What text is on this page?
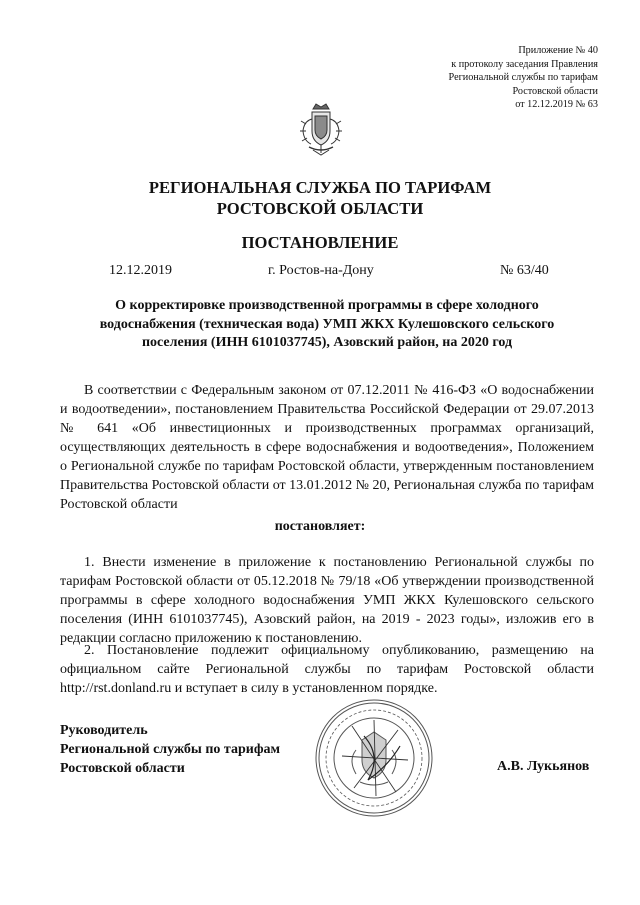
Приложение № 40
к протоколу заседания Правления
Региональной службы по тарифам
Ростовской области
от 12.12.2019 № 63
РЕГИОНАЛЬНАЯ СЛУЖБА ПО ТАРИФАМ
РОСТОВСКОЙ ОБЛАСТИ
ПОСТАНОВЛЕНИЕ
12.12.2019	г. Ростов-на-Дону	№ 63/40
О корректировке производственной программы в сфере холодного
водоснабжения (техническая вода) УМП ЖКХ Кулешовского сельского
поселения (ИНН 6101037745), Азовский район, на 2020 год
В соответствии с Федеральным законом от 07.12.2011 № 416-ФЗ «О водоснабжении и водоотведении», постановлением Правительства Российской Федерации от 29.07.2013 № 641 «Об инвестиционных и производственных программах организаций, осуществляющих деятельность в сфере водоснабжения и водоотведения», Положением о Региональной службе по тарифам Ростовской области, утвержденным постановлением Правительства Ростовской области от 13.01.2012 № 20, Региональная служба по тарифам Ростовской области
постановляет:
1. Внести изменение в приложение к постановлению Региональной службы по тарифам Ростовской области от 05.12.2018 № 79/18 «Об утверждении производственной программы в сфере холодного водоснабжения УМП ЖКХ Кулешовского сельского поселения (ИНН 6101037745), Азовский район, на 2019 - 2023 годы», изложив его в редакции согласно приложению к постановлению.
2. Постановление подлежит официальному опубликованию, размещению на официальном сайте Региональной службы по тарифам Ростовской области http://rst.donland.ru и вступает в силу в установленном порядке.
Руководитель
Региональной службы по тарифам
Ростовской области	А.В. Лукьянов
